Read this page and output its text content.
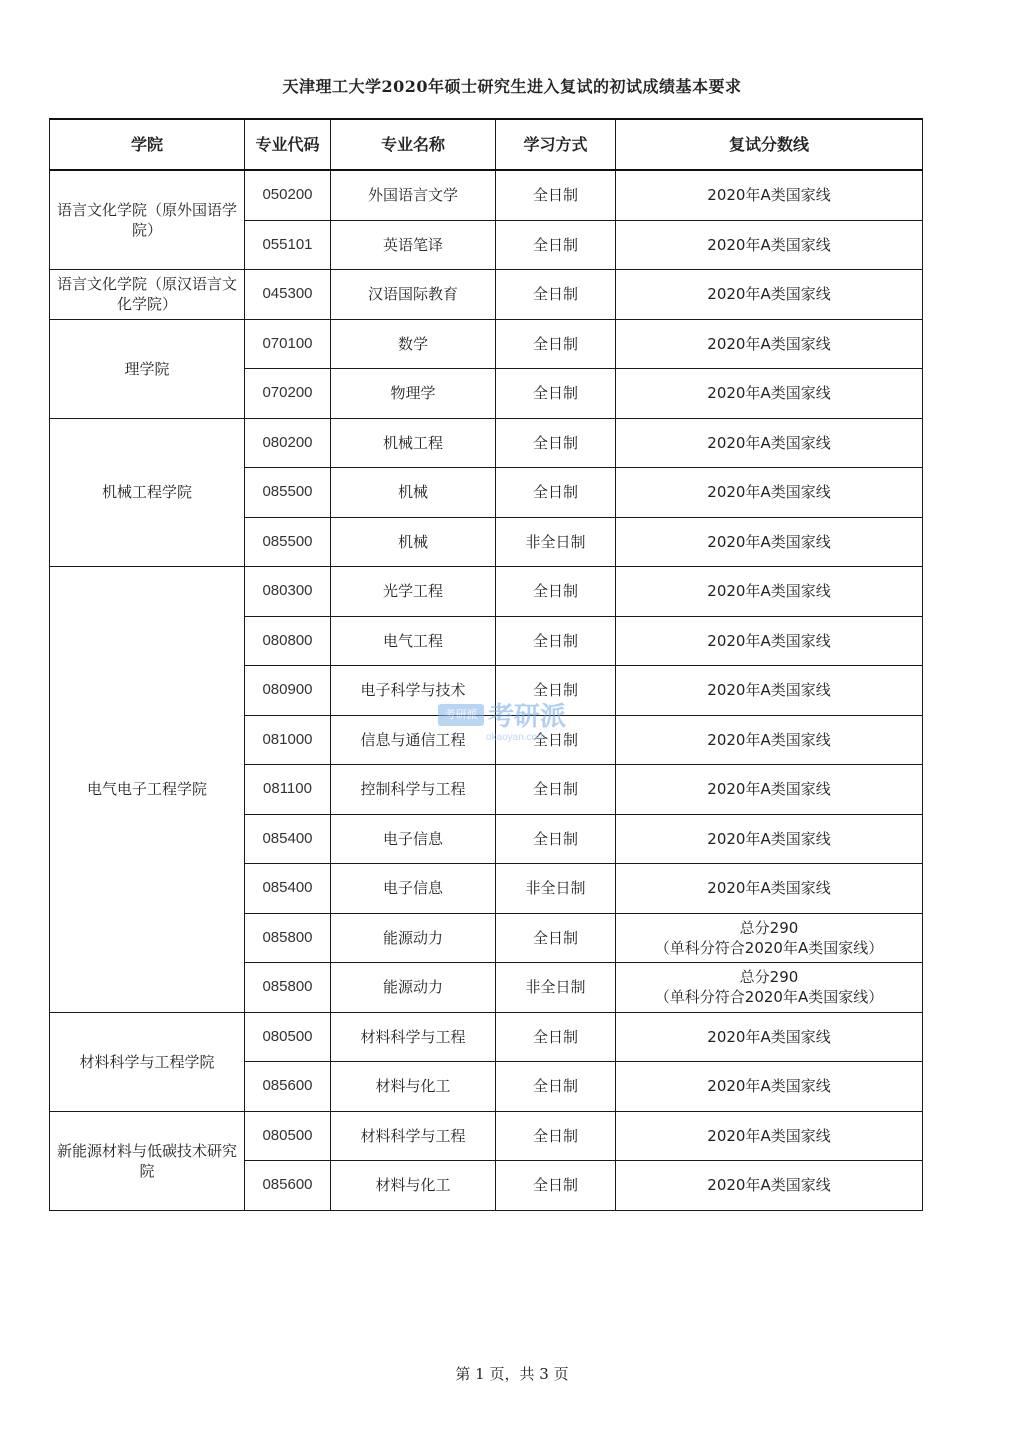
天津理工大学2020年硕士研究生进入复试的初试成绩基本要求
学院	专业代码	专业名称	学习方式	复试分数线
语言文化学院（原外国语学院）	050200	外国语言文学	全日制	2020年A类国家线
	055101	英语笔译	全日制	2020年A类国家线
语言文化学院（原汉语言文化学院）	045300	汉语国际教育	全日制	2020年A类国家线
理学院	070100	数学	全日制	2020年A类国家线
	070200	物理学	全日制	2020年A类国家线
机械工程学院	080200	机械工程	全日制	2020年A类国家线
	085500	机械	全日制	2020年A类国家线
	085500	机械	非全日制	2020年A类国家线
电气电子工程学院	080300	光学工程	全日制	2020年A类国家线
	080800	电气工程	全日制	2020年A类国家线
	080900	电子科学与技术	全日制	2020年A类国家线
	081000	信息与通信工程	全日制	2020年A类国家线
	081100	控制科学与工程	全日制	2020年A类国家线
	085400	电子信息	全日制	2020年A类国家线
	085400	电子信息	非全日制	2020年A类国家线
	085800	能源动力	全日制	总分290
（单科分符合2020年A类国家线）

	085800	能源动力	非全日制	总分290
（单科分符合2020年A类国家线）

材料科学与工程学院	080500	材料科学与工程	全日制	2020年A类国家线
	085600	材料与化工	全日制	2020年A类国家线
新能源材料与低碳技术研究院	080500	材料科学与工程	全日制	2020年A类国家线
	085600	材料与化工	全日制	2020年A类国家线
考研派 考研派
okaoyan.com
第 1 页，共 3 页
